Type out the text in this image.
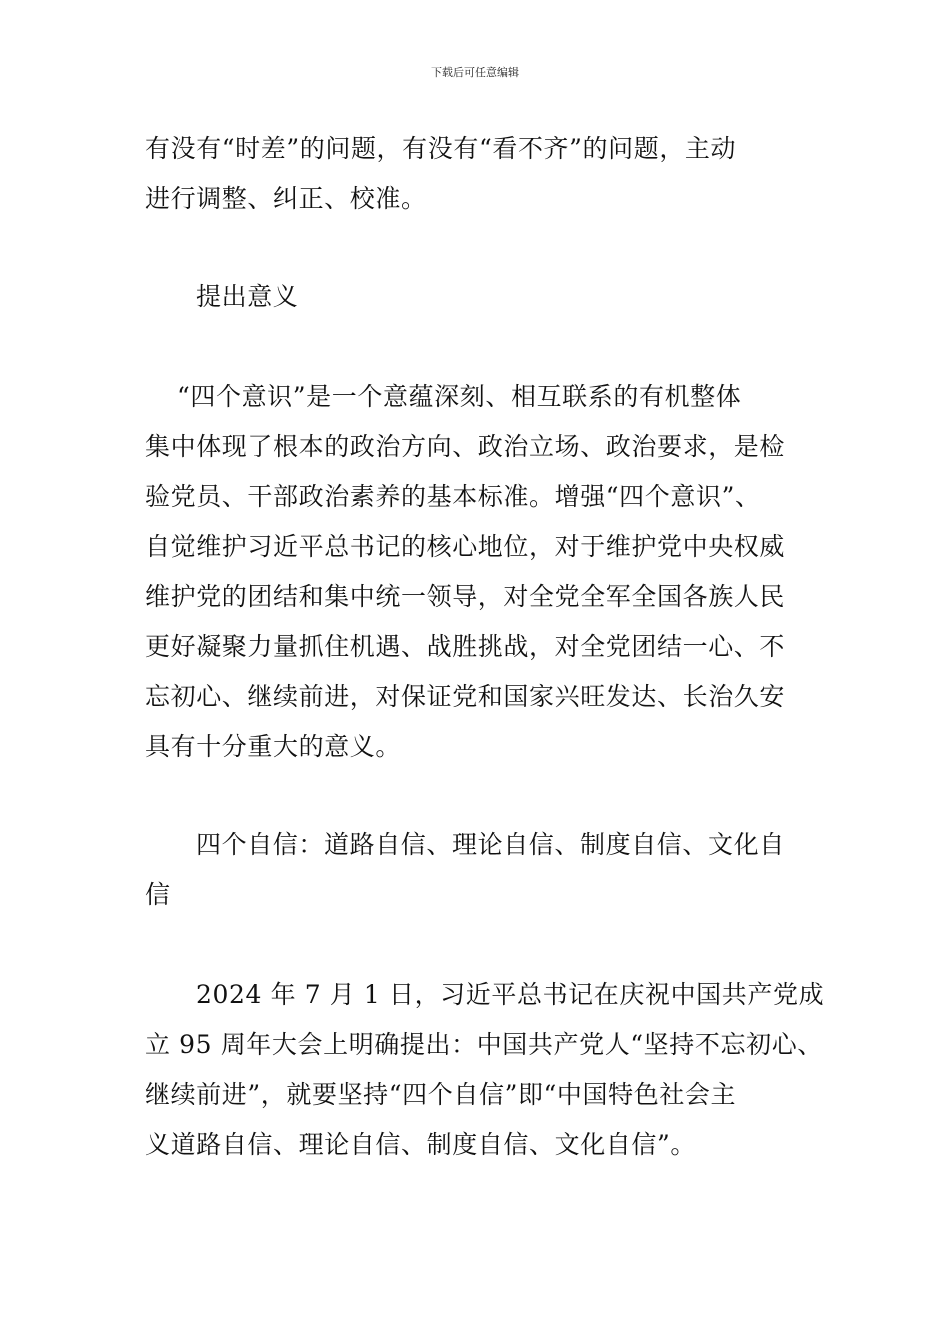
下载后可任意编辑
有没有“时差”的问题，有没有“看不齐”的问题，主动
进行调整、纠正、校准。
提出意义
“四个意识”是一个意蕴深刻、相互联系的有机整体
集中体现了根本的政治方向、政治立场、政治要求，是检
验党员、干部政治素养的基本标准。增强“四个意识”、
自觉维护习近平总书记的核心地位，对于维护党中央权威
维护党的团结和集中统一领导，对全党全军全国各族人民
更好凝聚力量抓住机遇、战胜挑战，对全党团结一心、不
忘初心、继续前进，对保证党和国家兴旺发达、长治久安
具有十分重大的意义。
四个自信：道路自信、理论自信、制度自信、文化自
信
2024 年 7 月 1 日，习近平总书记在庆祝中国共产党成
立 95 周年大会上明确提出：中国共产党人“坚持不忘初心、
继续前进”，就要坚持“四个自信”即“中国特色社会主
义道路自信、理论自信、制度自信、文化自信”。
